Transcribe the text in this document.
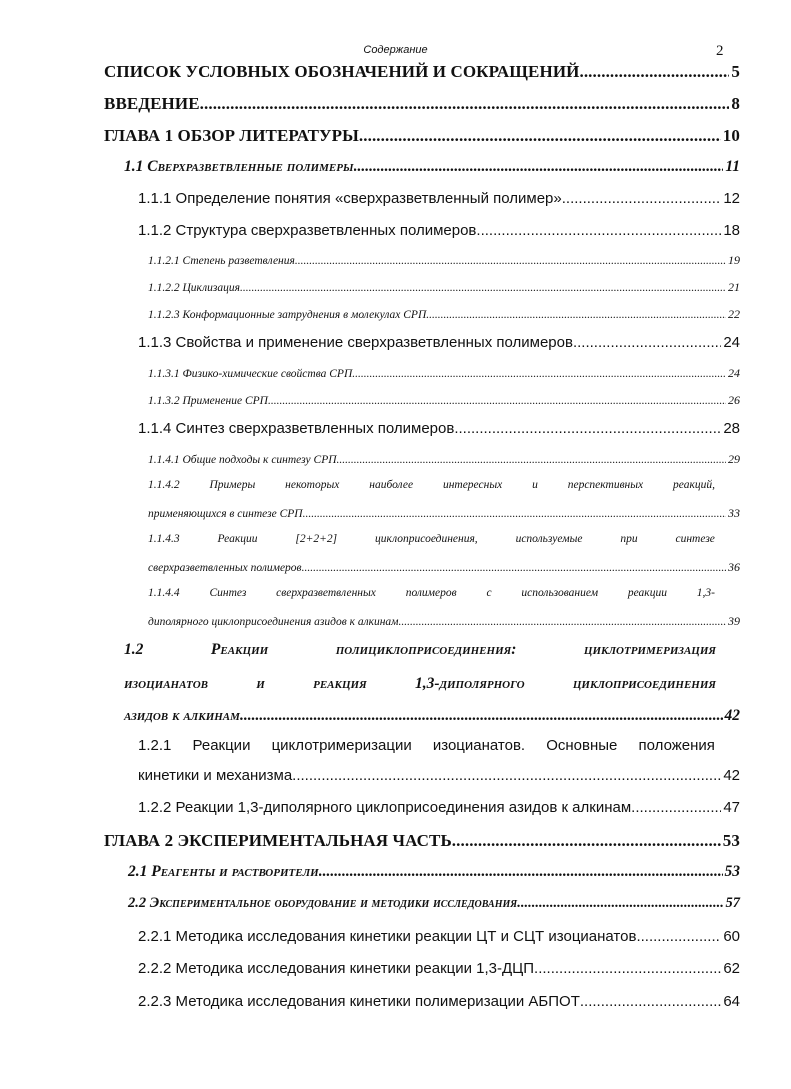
Содержание	2
СПИСОК УСЛОВНЫХ ОБОЗНАЧЕНИЙ И СОКРАЩЕНИЙ .....	5
ВВЕДЕНИЕ .....	8
ГЛАВА 1 ОБЗОР ЛИТЕРАТУРЫ .....	10
1.1 Сверхразветвленные полимеры .....	11
1.1.1 Определение понятия «сверхразветвленный полимер» .....	12
1.1.2 Структура сверхразветвленных полимеров .....	18
1.1.2.1 Степень разветвления .....	19
1.1.2.2 Циклизация .....	21
1.1.2.3 Конформационные затруднения в молекулах СРП .....	22
1.1.3 Свойства и применение сверхразветвленных полимеров .....	24
1.1.3.1 Физико-химические свойства СРП .....	24
1.1.3.2 Применение СРП .....	26
1.1.4 Синтез сверхразветвленных полимеров .....	28
1.1.4.1 Общие подходы к синтезу СРП .....	29
1.1.4.2	Примеры	некоторых	наиболее	интересных	и	перспективных	реакций,
применяющихся в синтезе СРП .....	33
1.1.4.3	Реакции	[2+2+2]	циклоприсоединения,	используемые	при	синтезе
сверхразветвленных полимеров .....	36
1.1.4.4	Синтез	сверхразветвленных	полимеров	с	использованием	реакции	1,3-
диполярного циклоприсоединения азидов к алкинам .....	39
1.2	Реакции	полициклоприсоединения:	циклотримеризация
изоцианатов	и	реакция	1,3-диполярного	циклоприсоединения
азидов к алкинам .....	42
1.2.1 Реакции циклотримеризации изоцианатов. Основные положения
кинетики и механизма .....	42
1.2.2 Реакции 1,3-диполярного циклоприсоединения азидов к алкинам .....	47
ГЛАВА 2 ЭКСПЕРИМЕНТАЛЬНАЯ ЧАСТЬ .....	53
2.1 Реагенты и растворители .....	53
2.2 Экспериментальное оборудование и методики исследования .....	57
2.2.1 Методика исследования кинетики реакции ЦТ и СЦТ изоцианатов .....	60
2.2.2 Методика исследования кинетики реакции 1,3-ДЦП .....	62
2.2.3 Методика исследования кинетики полимеризации АБПОТ .....	64
